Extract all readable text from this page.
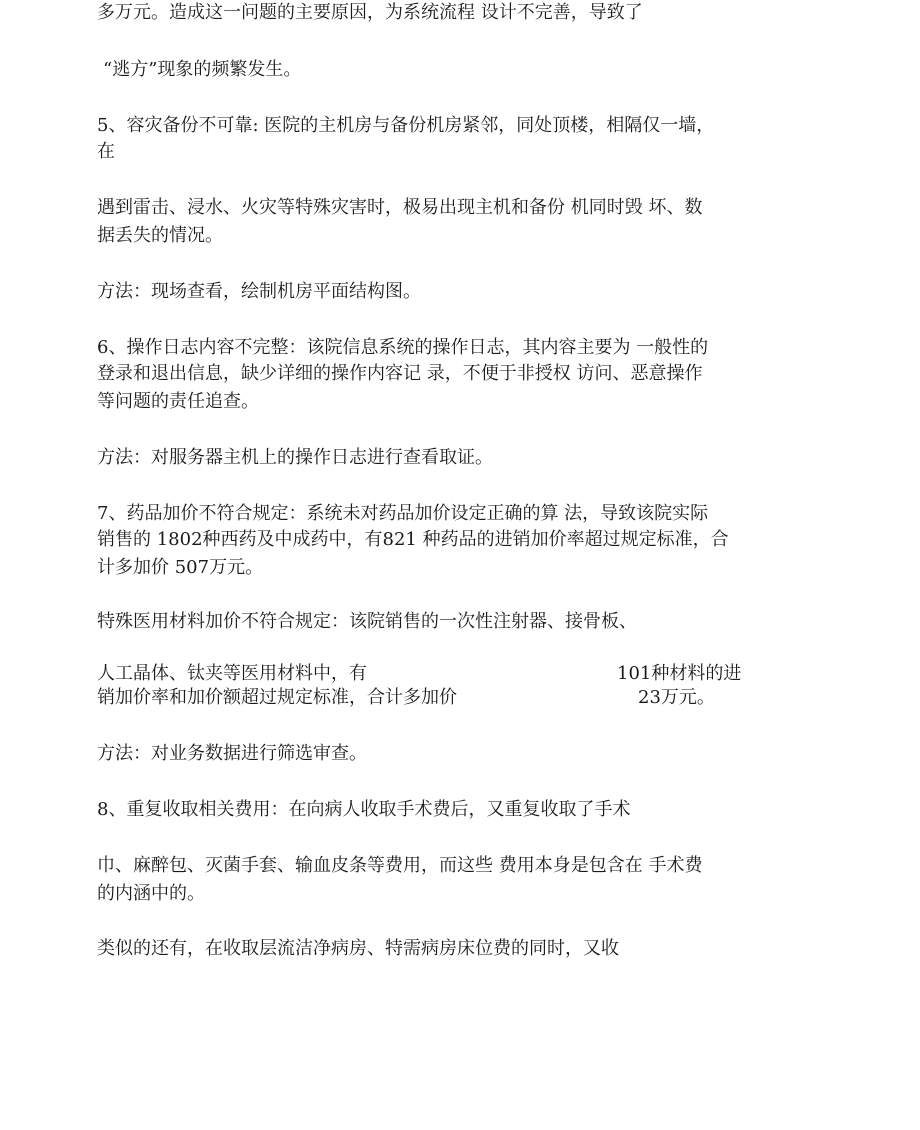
多万元。造成这一问题的主要原因，为系统流程 设计不完善，导致了
“逃方”现象的频繁发生。
5、容灾备份不可靠: 医院的主机房与备份机房紧邻，同处顶楼，相隔仅一墙，
在
遇到雷击、浸水、火灾等特殊灾害时，极易出现主机和备份 机同时毁 坏、数
据丢失的情况。
方法：现场查看，绘制机房平面结构图。
6、操作日志内容不完整：该院信息系统的操作日志，其内容主要为 一般性的
登录和退出信息，缺少详细的操作内容记 录，不便于非授权 访问、恶意操作
等问题的责任追查。
方法：对服务器主机上的操作日志进行查看取证。
7、药品加价不符合规定：系统未对药品加价设定正确的算 法，导致该院实际
销售的 1802种西药及中成药中，有821 种药品的进销加价率超过规定标准，合
计多加价 507万元。
特殊医用材料加价不符合规定：该院销售的一次性注射器、接骨板、
人工晶体、钛夹等医用材料中，有	101种材料的进
销加价率和加价额超过规定标准，合计多加价	23万元。
方法：对业务数据进行筛选审查。
8、重复收取相关费用：在向病人收取手术费后，又重复收取了手术
巾、麻醉包、灭菌手套、输血皮条等费用，而这些 费用本身是包含在 手术费
的内涵中的。
类似的还有，在收取层流洁净病房、特需病房床位费的同时，又收
